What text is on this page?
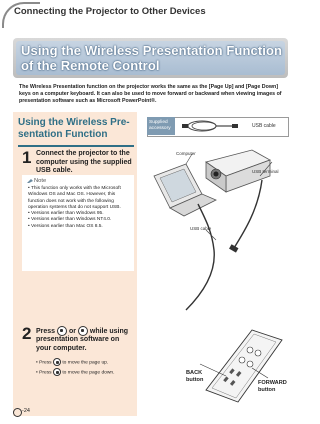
Connecting the Projector to Other Devices
Using the Wireless Presentation Function of the Remote Control
The Wireless Presentation function on the projector works the same as the [Page Up] and [Page Down] keys on a computer keyboard. It can also be used to move forward or backward when viewing images of presentation software such as Microsoft PowerPoint®.
Using the Wireless Pre-sentation Function
1 Connect the projector to the computer using the supplied USB cable.
Note
• This function only works with the Microsoft Windows OS and Mac OS. However, this function does not work with the following operation systems that do not support USB.
• Versions earlier than Windows 95.
• Versions earlier than Windows NT4.0.
• Versions earlier than Mac OS 8.5.
2 Press or while using presentation software on your computer.
• Press to move the page up.
• Press to move the page down.
Supplied accessory	USB cable
Computer
USB terminal
USB cable
BACK button	FORWARD button
-24
